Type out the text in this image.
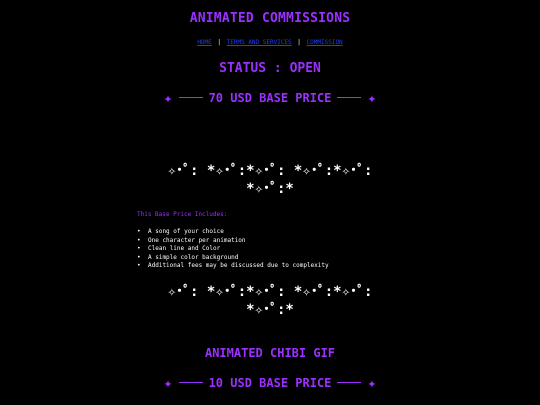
ANIMATED COMMISSIONS
HOME | TERMS AND SERVICES | COMMISSION
STATUS : OPEN
✦	70 USD BASE PRICE ✦
✧･ﾟ: *✧･ﾟ:*✧･ﾟ: *✧･ﾟ:*✧･ﾟ:
*✧･ﾟ:*
This Base Price Includes:
• A song of your choice
• One character per animation
• Clean line and Color
• A simple color background
• Additional fees may be discussed due to complexity
✧･ﾟ: *✧･ﾟ:*✧･ﾟ: *✧･ﾟ:*✧･ﾟ:
*✧･ﾟ:*
ANIMATED CHIBI GIF
✦	10 USD BASE PRICE ✦
